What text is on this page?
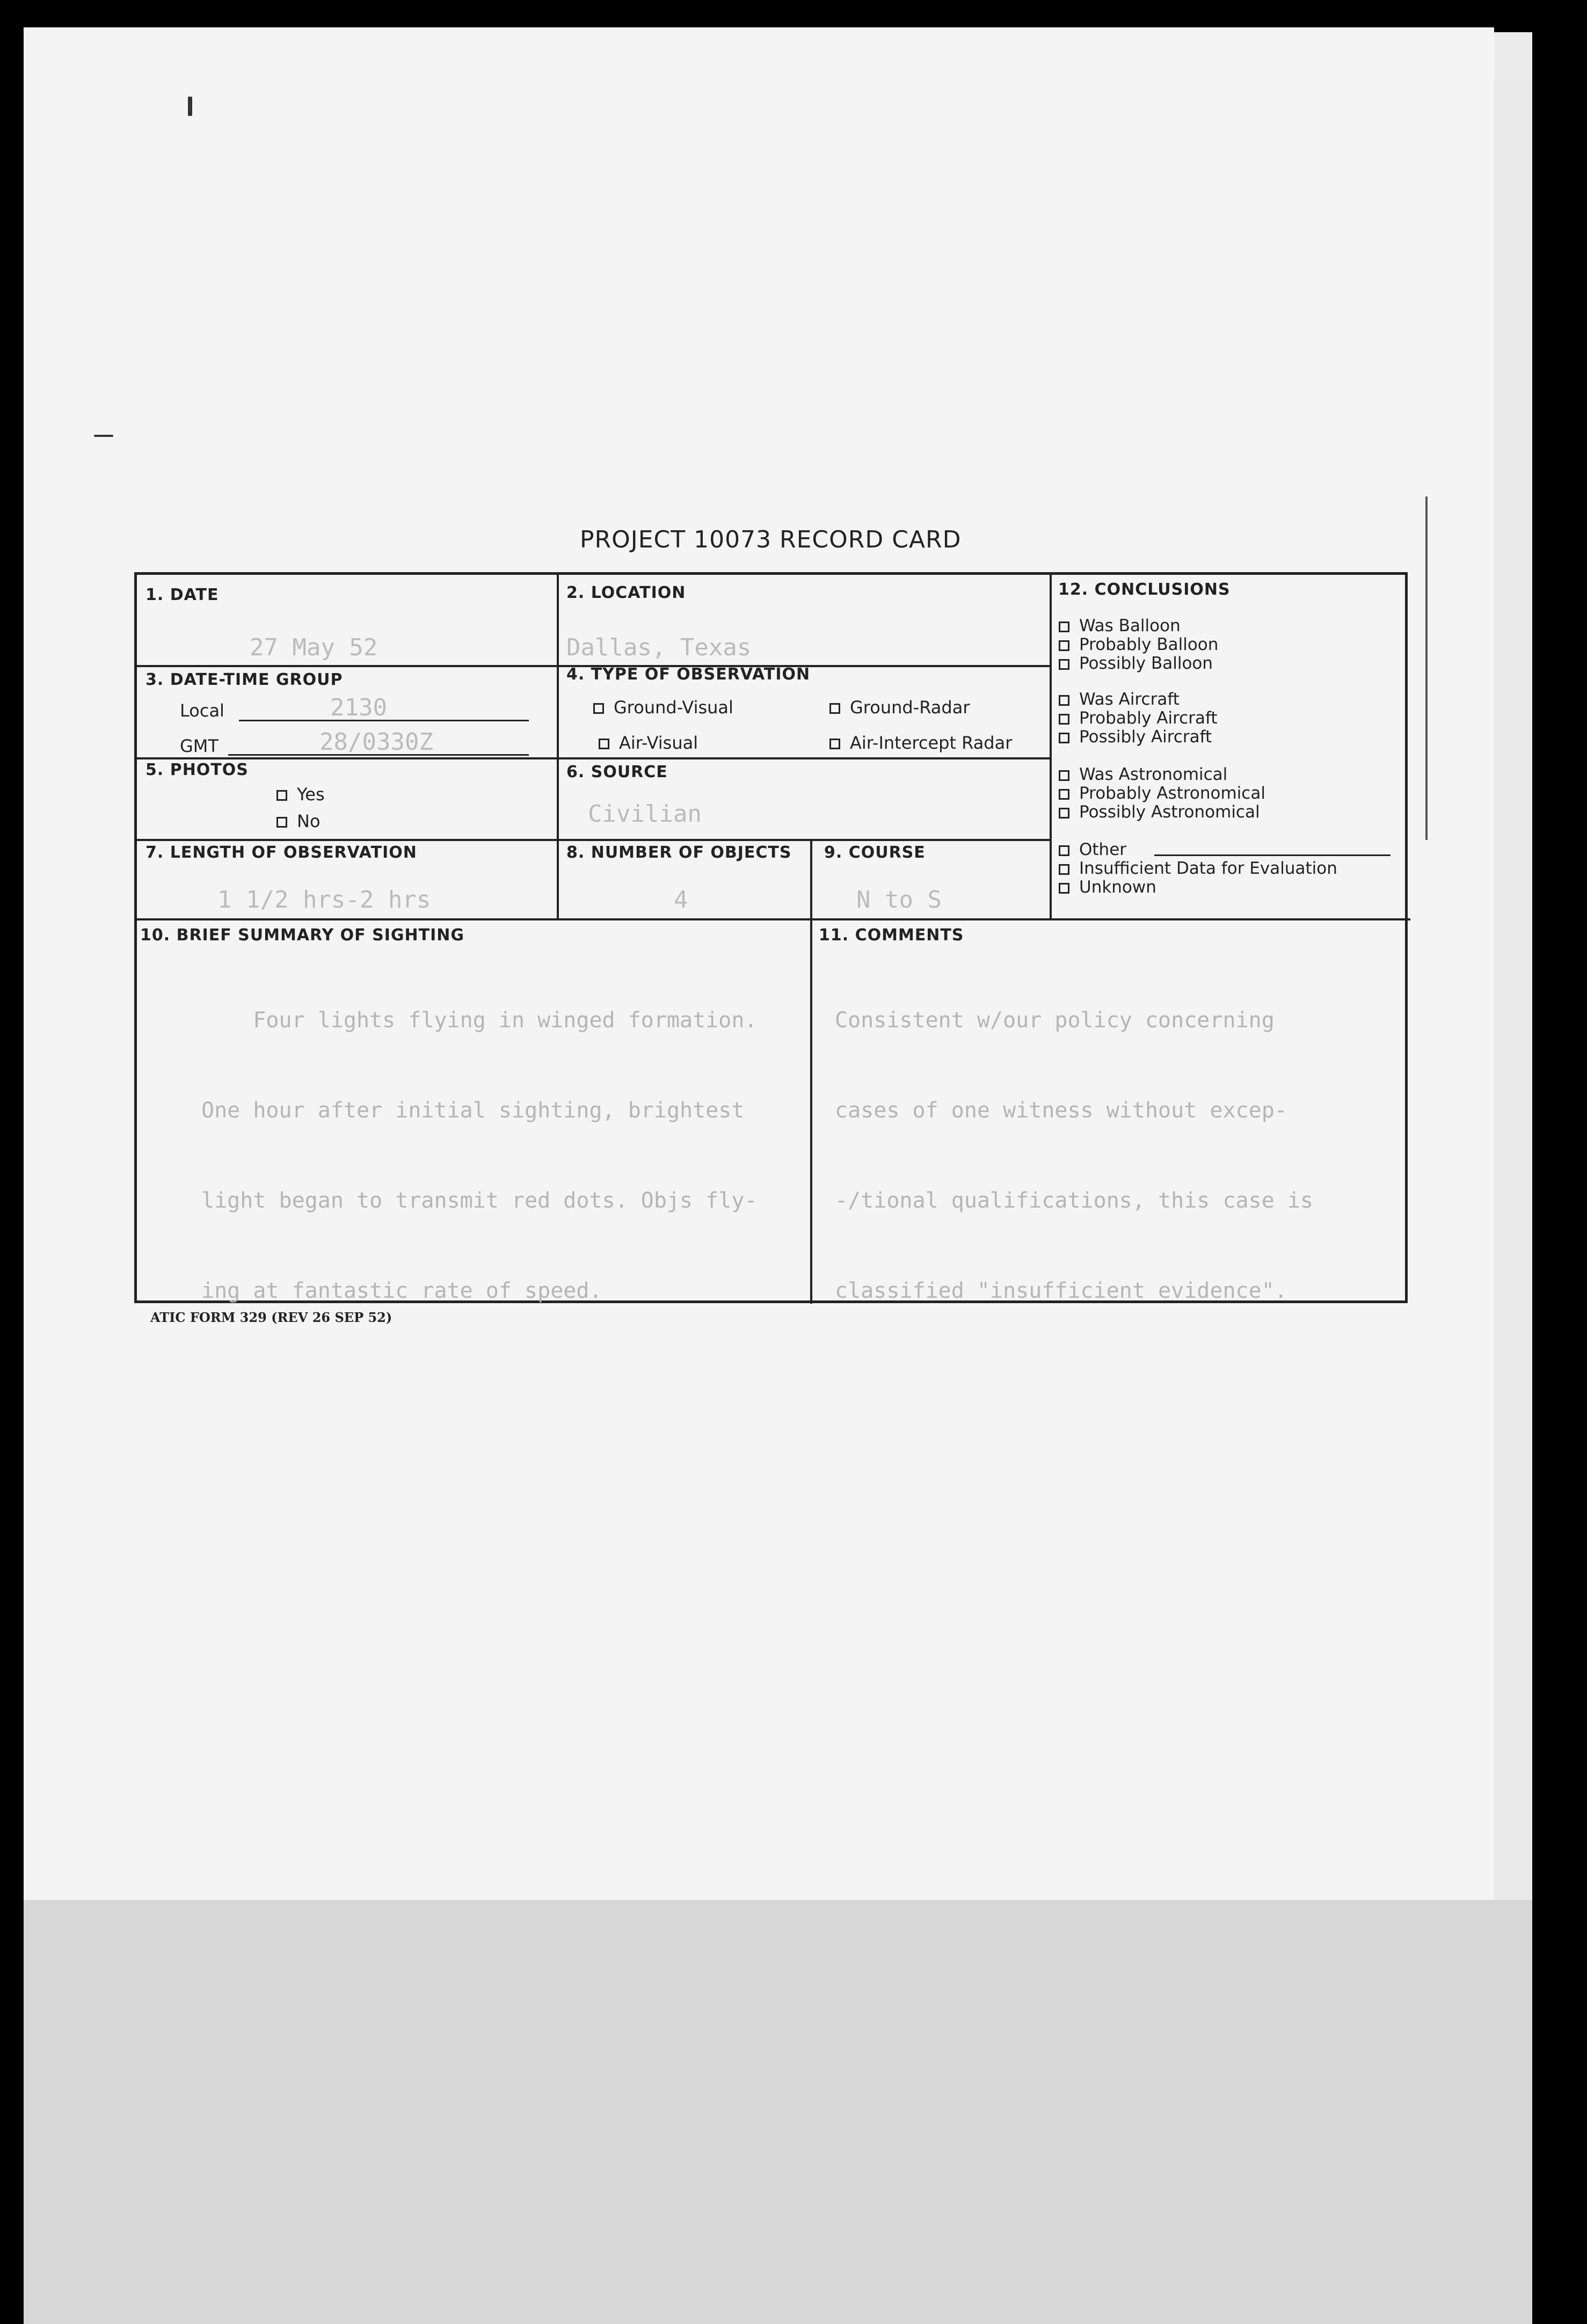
PROJECT 10073 RECORD CARD
1. DATE
27 May 52
2. LOCATION
Dallas, Texas
3. DATE-TIME GROUP
Local	2130
GMT	28/0330Z
4. TYPE OF OBSERVATION
Ground-Visual	Ground-Radar
Air-Visual	Air-Intercept Radar
5. PHOTOS
Yes
No
6. SOURCE
Civilian
7. LENGTH OF OBSERVATION
1 1/2 hrs-2 hrs
8. NUMBER OF OBJECTS
4
9. COURSE
N to S
10. BRIEF SUMMARY OF SIGHTING

Four lights flying in winged formation.

One hour after initial sighting, brightest

light began to transmit red dots. Objs fly-

ing at fantastic rate of speed.

11. COMMENTS

Consistent w/our policy concerning

cases of one witness without excep-

-/tional qualifications, this case is

classified "insufficient evidence".

12. CONCLUSIONS
Was Balloon
Probably Balloon
Possibly Balloon
Was Aircraft
Probably Aircraft
Possibly Aircraft
Was Astronomical
Probably Astronomical
Possibly Astronomical
Other
Insufficient Data for Evaluation
Unknown
ATIC FORM 329 (REV 26 SEP 52)
